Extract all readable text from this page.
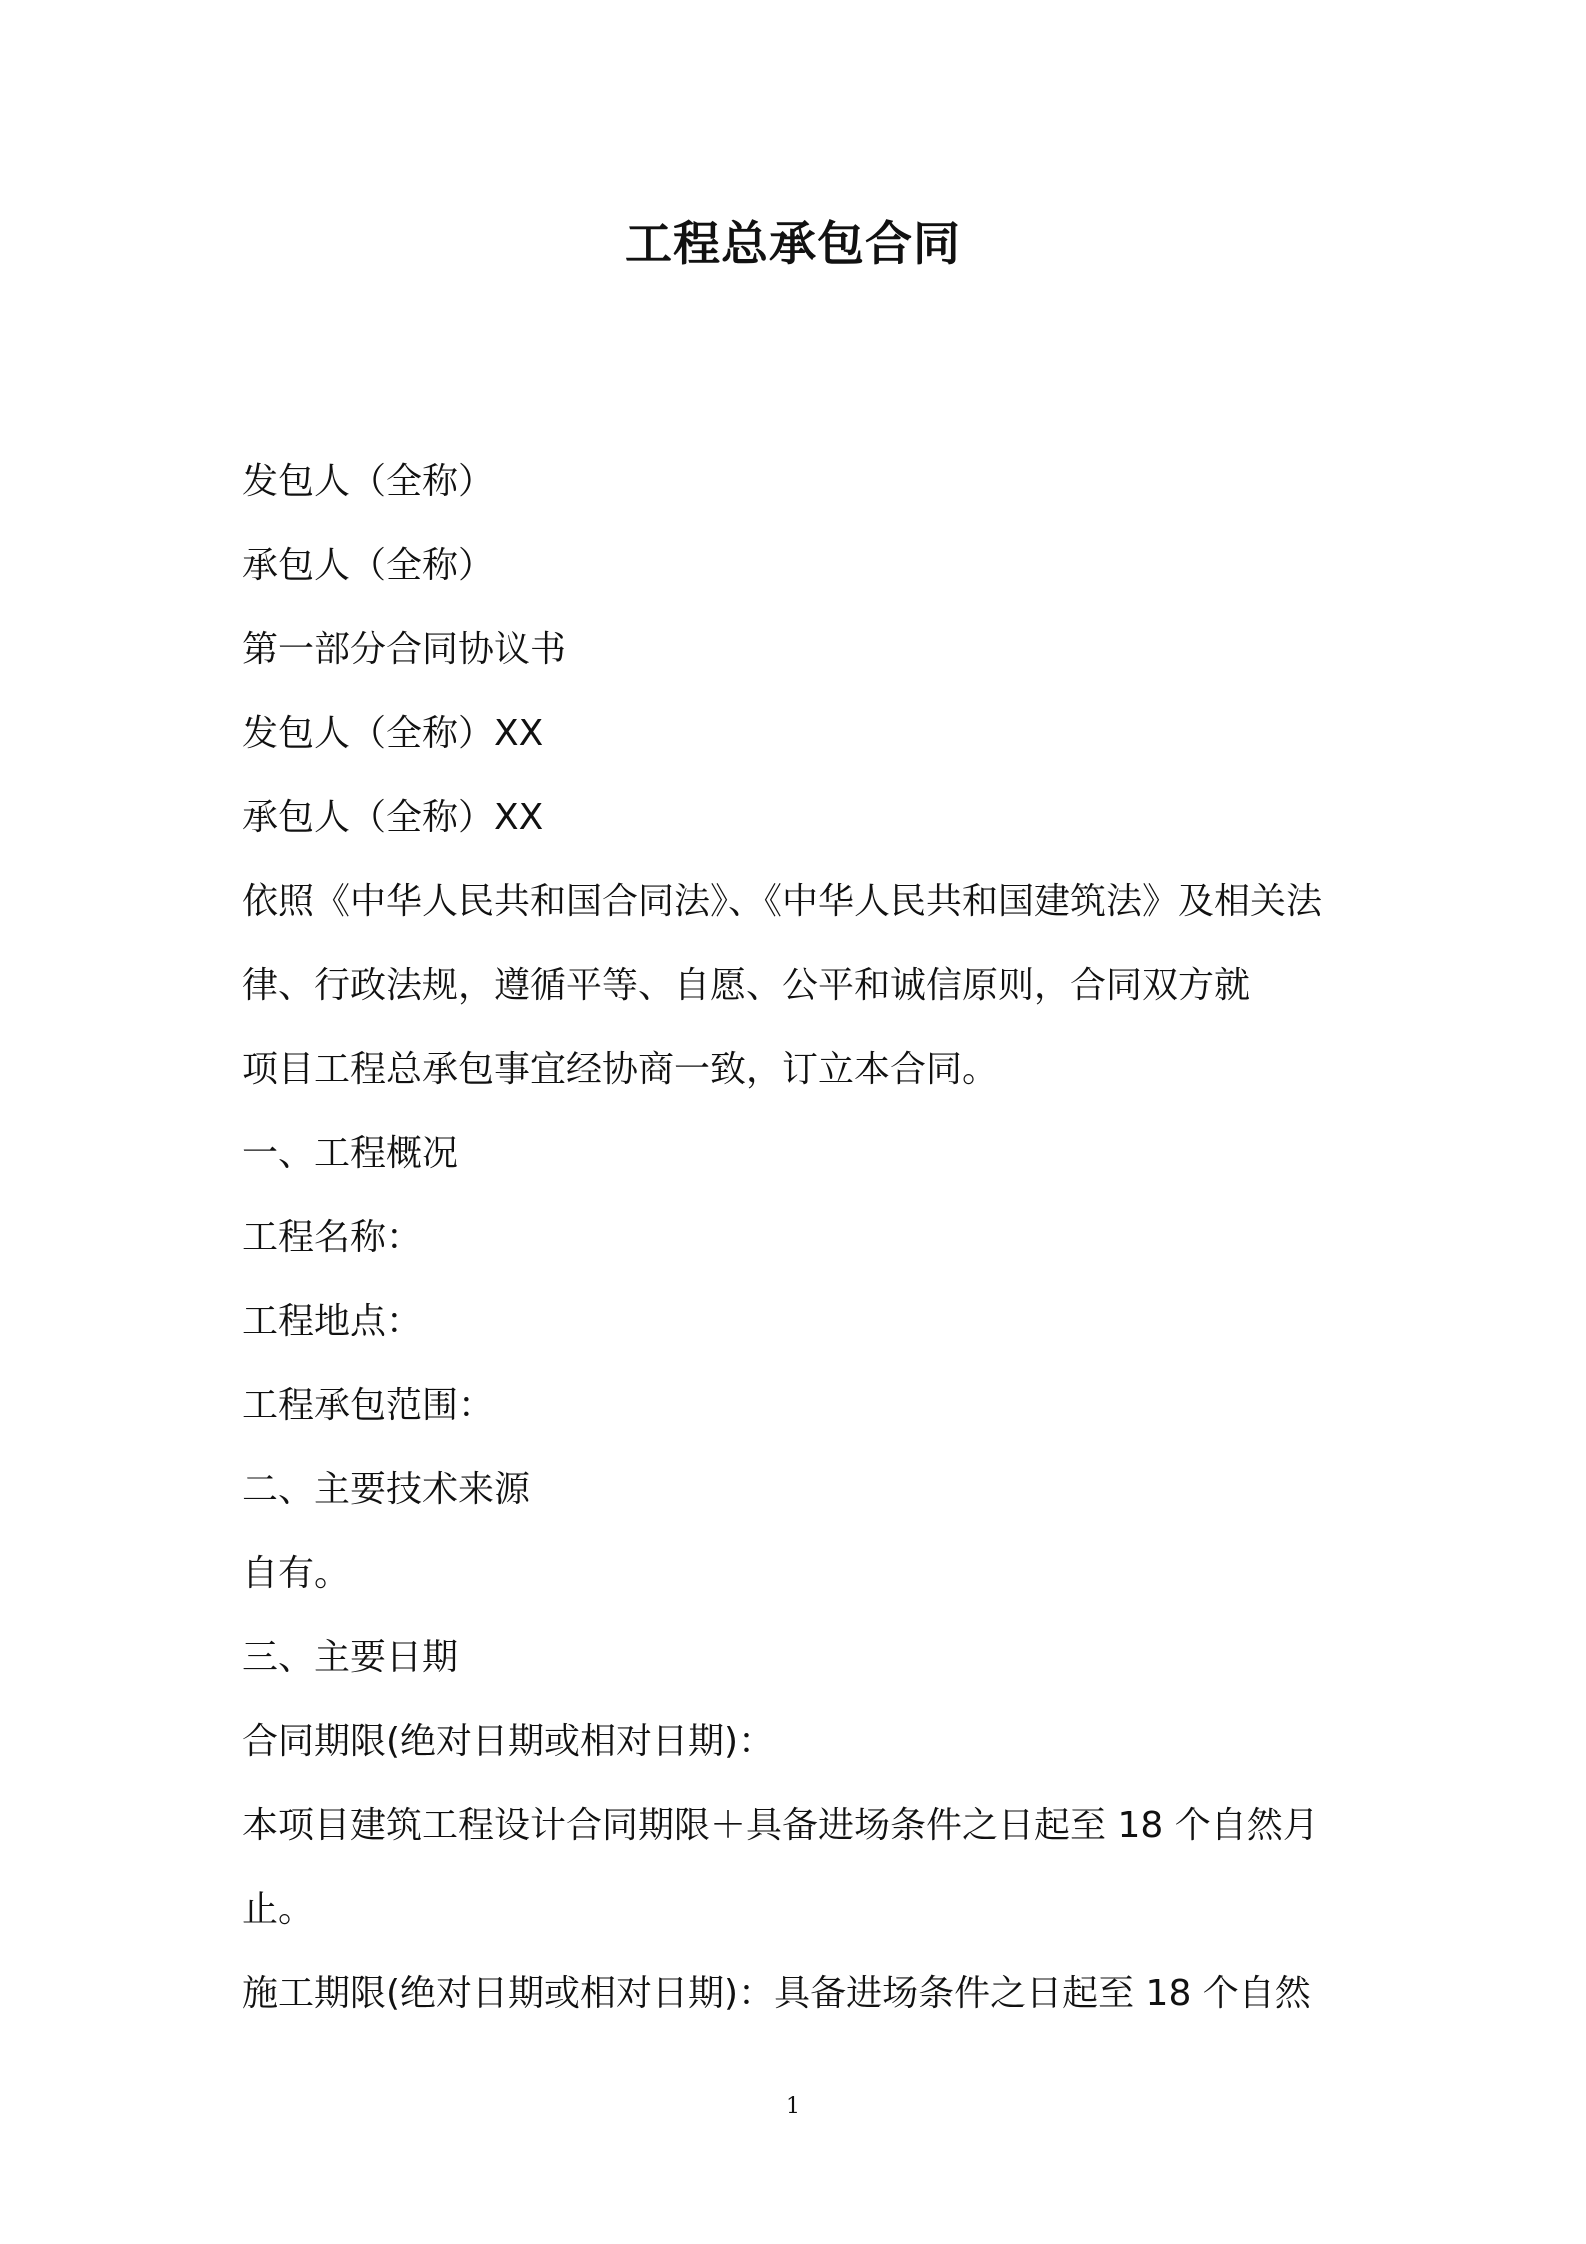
工程总承包合同
发包人（全称）
承包人（全称）
第一部分合同协议书
发包人（全称）XX
承包人（全称）XX
依照《中华人民共和国合同法》、《中华人民共和国建筑法》及相关法
律、行政法规，遵循平等、自愿、公平和诚信原则，合同双方就
项目工程总承包事宜经协商一致，订立本合同。
一、工程概况
工程名称：
工程地点：
工程承包范围：
二、主要技术来源
自有。
三、主要日期
合同期限(绝对日期或相对日期)：
本项目建筑工程设计合同期限＋具备进场条件之日起至 18 个自然月
止。
施工期限(绝对日期或相对日期)：具备进场条件之日起至 18 个自然
1
